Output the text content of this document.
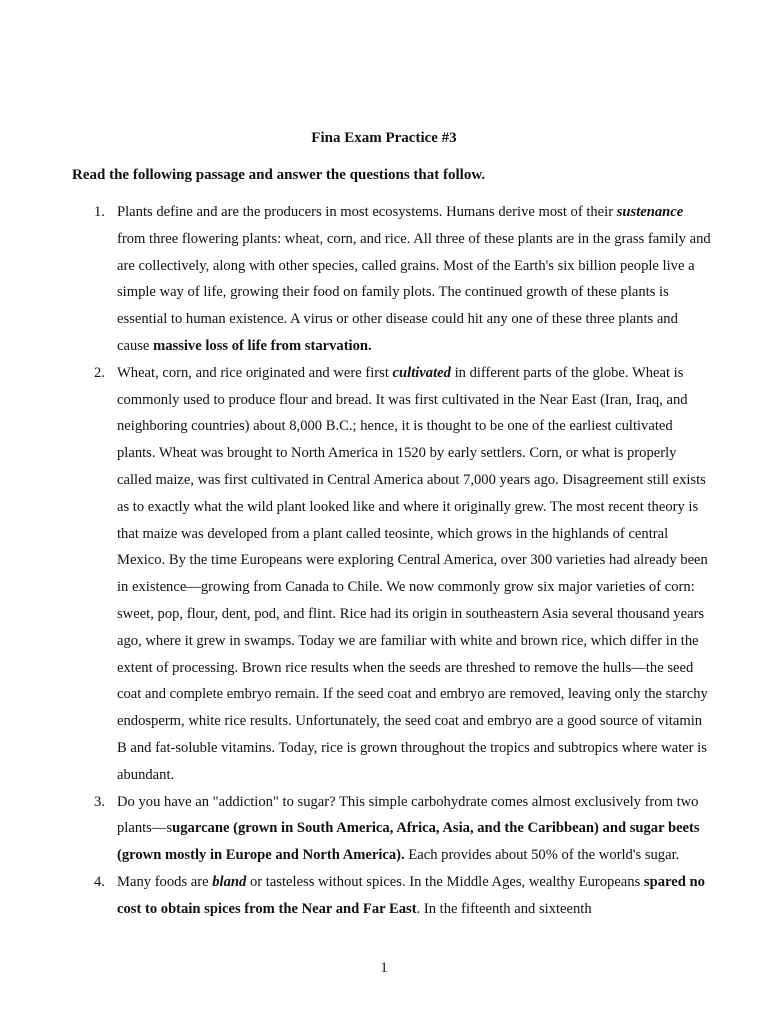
Fina Exam Practice #3
Read the following passage and answer the questions that follow.
1. Plants define and are the producers in most ecosystems. Humans derive most of their sustenance from three flowering plants: wheat, corn, and rice. All three of these plants are in the grass family and are collectively, along with other species, called grains. Most of the Earth's six billion people live a simple way of life, growing their food on family plots. The continued growth of these plants is essential to human existence. A virus or other disease could hit any one of these three plants and cause massive loss of life from starvation.
2. Wheat, corn, and rice originated and were first cultivated in different parts of the globe. Wheat is commonly used to produce flour and bread. It was first cultivated in the Near East (Iran, Iraq, and neighboring countries) about 8,000 B.C.; hence, it is thought to be one of the earliest cultivated plants. Wheat was brought to North America in 1520 by early settlers. Corn, or what is properly called maize, was first cultivated in Central America about 7,000 years ago. Disagreement still exists as to exactly what the wild plant looked like and where it originally grew. The most recent theory is that maize was developed from a plant called teosinte, which grows in the highlands of central Mexico. By the time Europeans were exploring Central America, over 300 varieties had already been in existence—growing from Canada to Chile. We now commonly grow six major varieties of corn: sweet, pop, flour, dent, pod, and flint. Rice had its origin in southeastern Asia several thousand years ago, where it grew in swamps. Today we are familiar with white and brown rice, which differ in the extent of processing. Brown rice results when the seeds are threshed to remove the hulls—the seed coat and complete embryo remain. If the seed coat and embryo are removed, leaving only the starchy endosperm, white rice results. Unfortunately, the seed coat and embryo are a good source of vitamin B and fat-soluble vitamins. Today, rice is grown throughout the tropics and subtropics where water is abundant.
3. Do you have an "addiction" to sugar? This simple carbohydrate comes almost exclusively from two plants—sugarcane (grown in South America, Africa, Asia, and the Caribbean) and sugar beets (grown mostly in Europe and North America). Each provides about 50% of the world's sugar.
4. Many foods are bland or tasteless without spices. In the Middle Ages, wealthy Europeans spared no cost to obtain spices from the Near and Far East. In the fifteenth and sixteenth
1
